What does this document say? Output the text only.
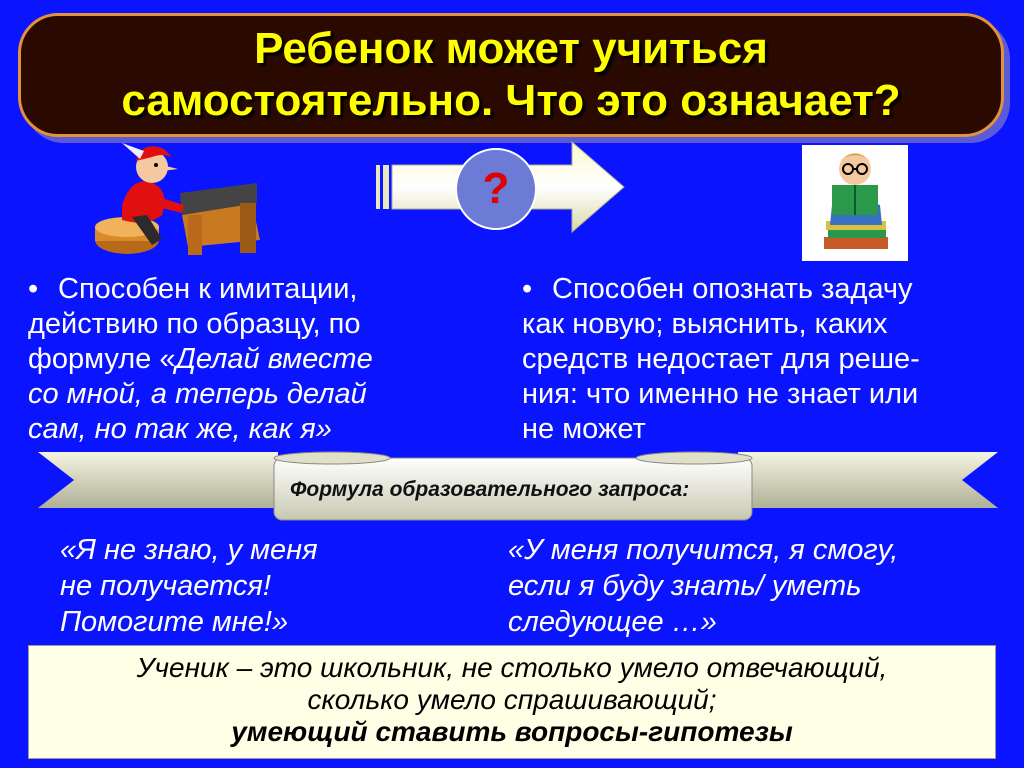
Ребенок может учиться
самостоятельно. Что это означает?
?
• Способен к имитации,
действию по образцу, по
формуле «Делай вместе
со мной, а теперь делай
сам, но так же, как я»
• Способен опознать задачу
как новую; выяснить, каких
средств недостает для реше-
ния: что именно не знает или
не может
Формула образовательного запроса:
«Я не знаю, у меня
не получается!
Помогите мне!»
«У меня получится, я смогу,
если я буду знать/ уметь
следующее …»
Ученик – это школьник, не столько умело отвечающий,
сколько умело спрашивающий;
умеющий ставить вопросы-гипотезы
